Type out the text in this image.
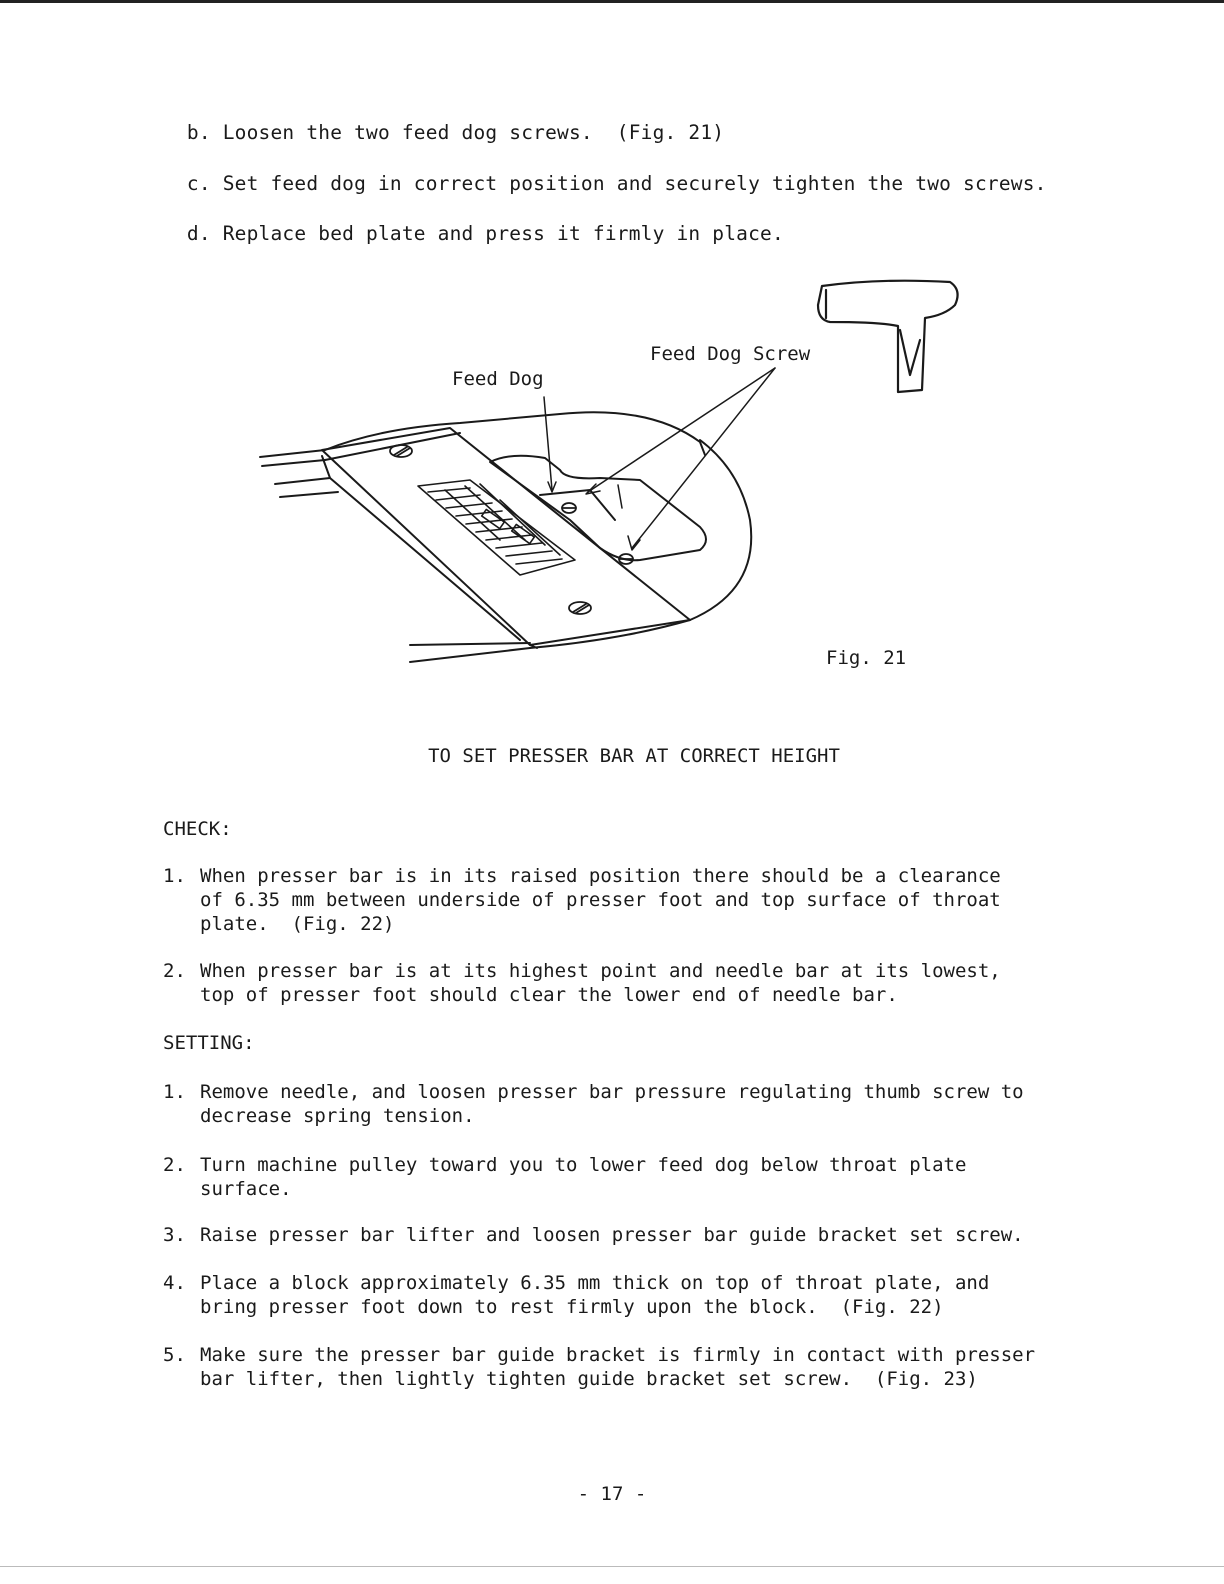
b. Loosen the two feed dog screws.  (Fig. 21)

c. Set feed dog in correct position and securely tighten the two screws.

d. Replace bed plate and press it firmly in place.

Feed Dog
Feed Dog Screw
Fig. 21
TO SET PRESSER BAR AT CORRECT HEIGHT
CHECK:

1.

When presser bar is in its raised position there should be a clearance
of 6.35 mm between underside of presser foot and top surface of throat
plate.  (Fig. 22)

2.

When presser bar is at its highest point and needle bar at its lowest,
top of presser foot should clear the lower end of needle bar.

SETTING:

1.

Remove needle, and loosen presser bar pressure regulating thumb screw to
decrease spring tension.

2.

Turn machine pulley toward you to lower feed dog below throat plate
surface.

3.

Raise presser bar lifter and loosen presser bar guide bracket set screw.

4.

Place a block approximately 6.35 mm thick on top of throat plate, and
bring presser foot down to rest firmly upon the block.  (Fig. 22)

5.

Make sure the presser bar guide bracket is firmly in contact with presser
bar lifter, then lightly tighten guide bracket set screw.  (Fig. 23)

- 17 -
